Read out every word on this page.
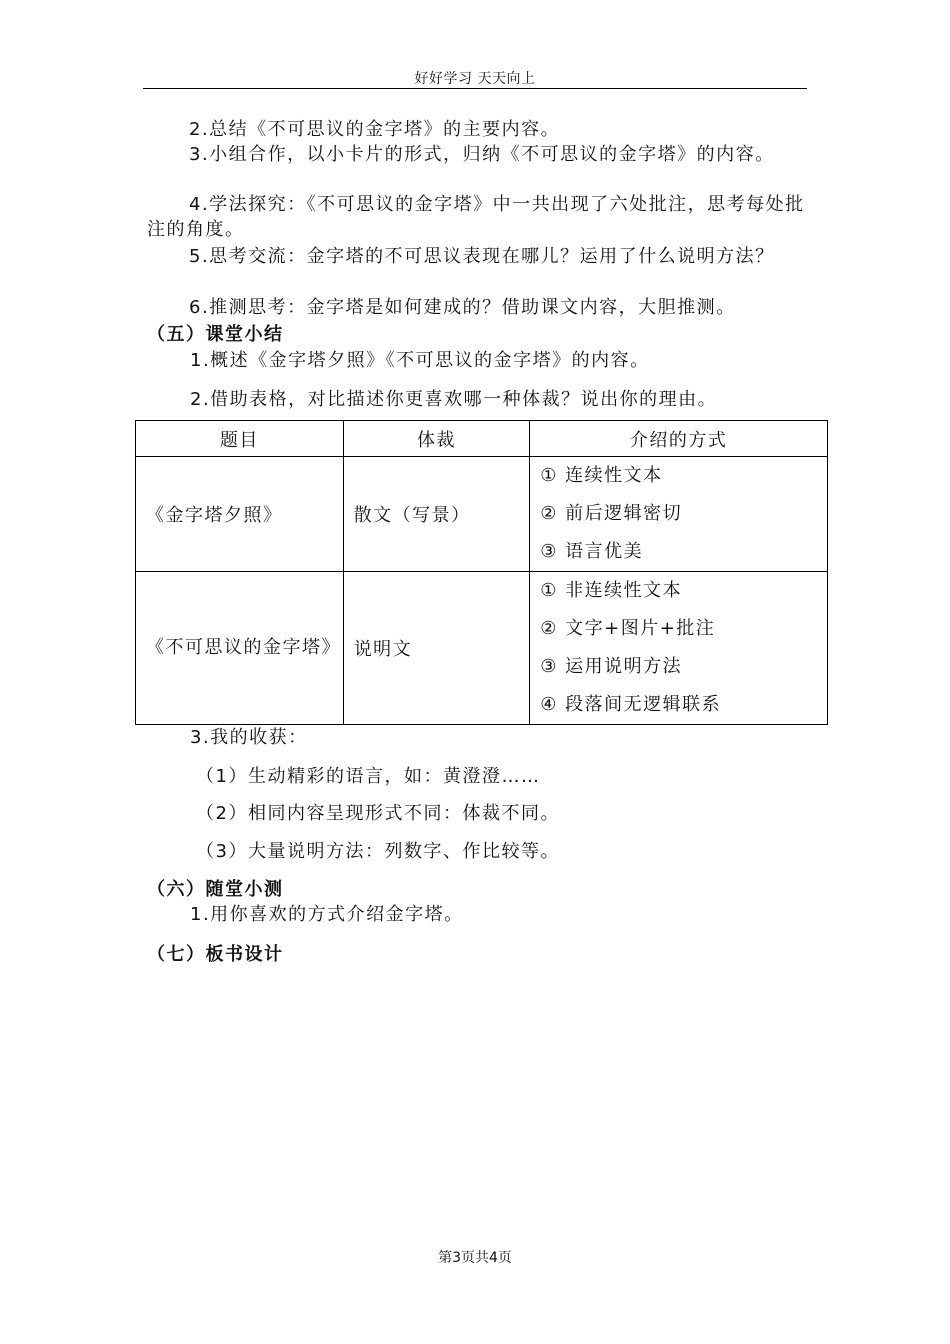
好好学习 天天向上
2.总结《不可思议的金字塔》的主要内容。
3.小组合作，以小卡片的形式，归纳《不可思议的金字塔》的内容。
4.学法探究：《不可思议的金字塔》中一共出现了六处批注，思考每处批注的角度。
5.思考交流：金字塔的不可思议表现在哪儿？运用了什么说明方法？
6.推测思考：金字塔是如何建成的？借助课文内容，大胆推测。
（五）课堂小结
1.概述《金字塔夕照》《不可思议的金字塔》的内容。
2.借助表格，对比描述你更喜欢哪一种体裁？说出你的理由。
题目	体裁	介绍的方式
《金字塔夕照》	散文（写景）	① 连续性文本
② 前后逻辑密切
③ 语言优美

《不可思议的金字塔》	说明文	① 非连续性文本
② 文字+图片+批注
③ 运用说明方法
④ 段落间无逻辑联系
3.我的收获：
（1）生动精彩的语言，如：黄澄澄……
（2）相同内容呈现形式不同：体裁不同。
（3）大量说明方法：列数字、作比较等。
（六）随堂小测
1.用你喜欢的方式介绍金字塔。
（七）板书设计
第3页共4页
